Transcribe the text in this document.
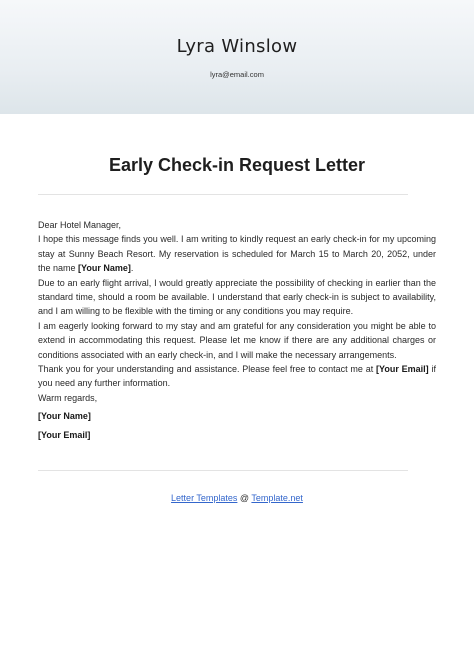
Lyra Winslow
lyra@email.com
Early Check-in Request Letter

Dear Hotel Manager,

I hope this message finds you well. I am writing to kindly request an early check-in for my upcoming stay at Sunny Beach Resort. My reservation is scheduled for March 15 to March 20, 2052, under the name [Your Name].

Due to an early flight arrival, I would greatly appreciate the possibility of checking in earlier than the standard time, should a room be available. I understand that early check-in is subject to availability, and I am willing to be flexible with the timing or any conditions you may require.

I am eagerly looking forward to my stay and am grateful for any consideration you might be able to extend in accommodating this request. Please let me know if there are any additional charges or conditions associated with an early check-in, and I will make the necessary arrangements.

Thank you for your understanding and assistance. Please feel free to contact me at [Your Email] if you need any further information.

Warm regards,

[Your Name]

[Your Email]

Letter Templates @ Template.net
